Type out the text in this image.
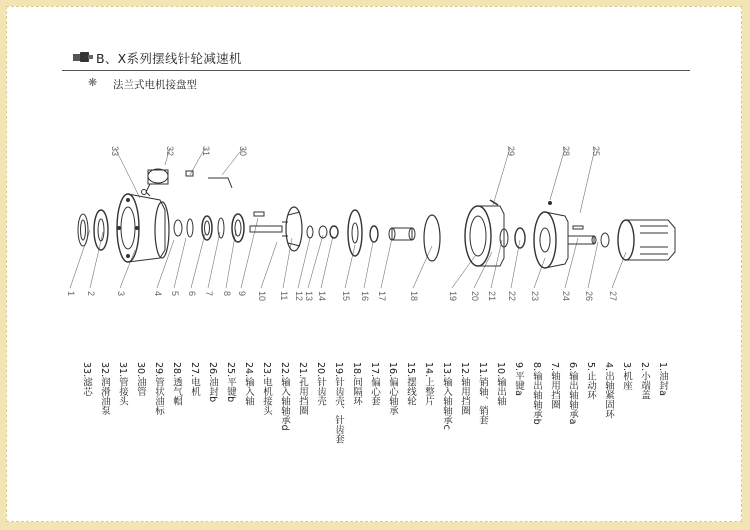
B、X系列摆线针轮减速机
❋ 法兰式电机接盘型
33	32	31	30	29	28 25
1 2 3	4 5 6 7 8 9 10 11 12 13 14 15 16 17 18	19 20 21 22 23 24 26 27
1.油封a
2.小端盖
3.机座
4.出轴紧固环
5.止动环
6.输出轴轴承a
7.轴用挡圈
8.输出轴轴承b
9.平键a
10.输出轴
11.销轴、销套
12.轴用挡圈
13.输入轴轴承c
14.上整片
15.摆线轮
16.偏心轴承
17.偏心套
18.间隔环
19.针齿壳、针齿套
20.针齿壳
21.孔用挡圈
22.输入轴轴承d
23.电机接头
24.输入轴
25.平键b
26.油封b
27.电机
28.透气帽
29.管状油标
30.油管
31.管接头
32.润滑油泵
33.滤芯
